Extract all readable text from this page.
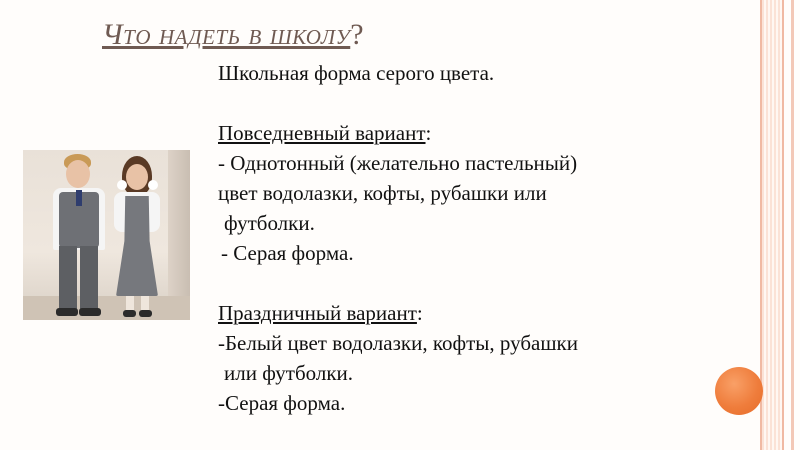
Что надеть в школу?

Школьная форма серого цвета.

Повседневный вариант:

- Однотонный (желательно пастельный)

цвет водолазки, кофты, рубашки или

футболки.

- Серая форма.

Праздничный вариант:

-Белый цвет водолазки, кофты, рубашки

или футболки.

-Серая форма.
